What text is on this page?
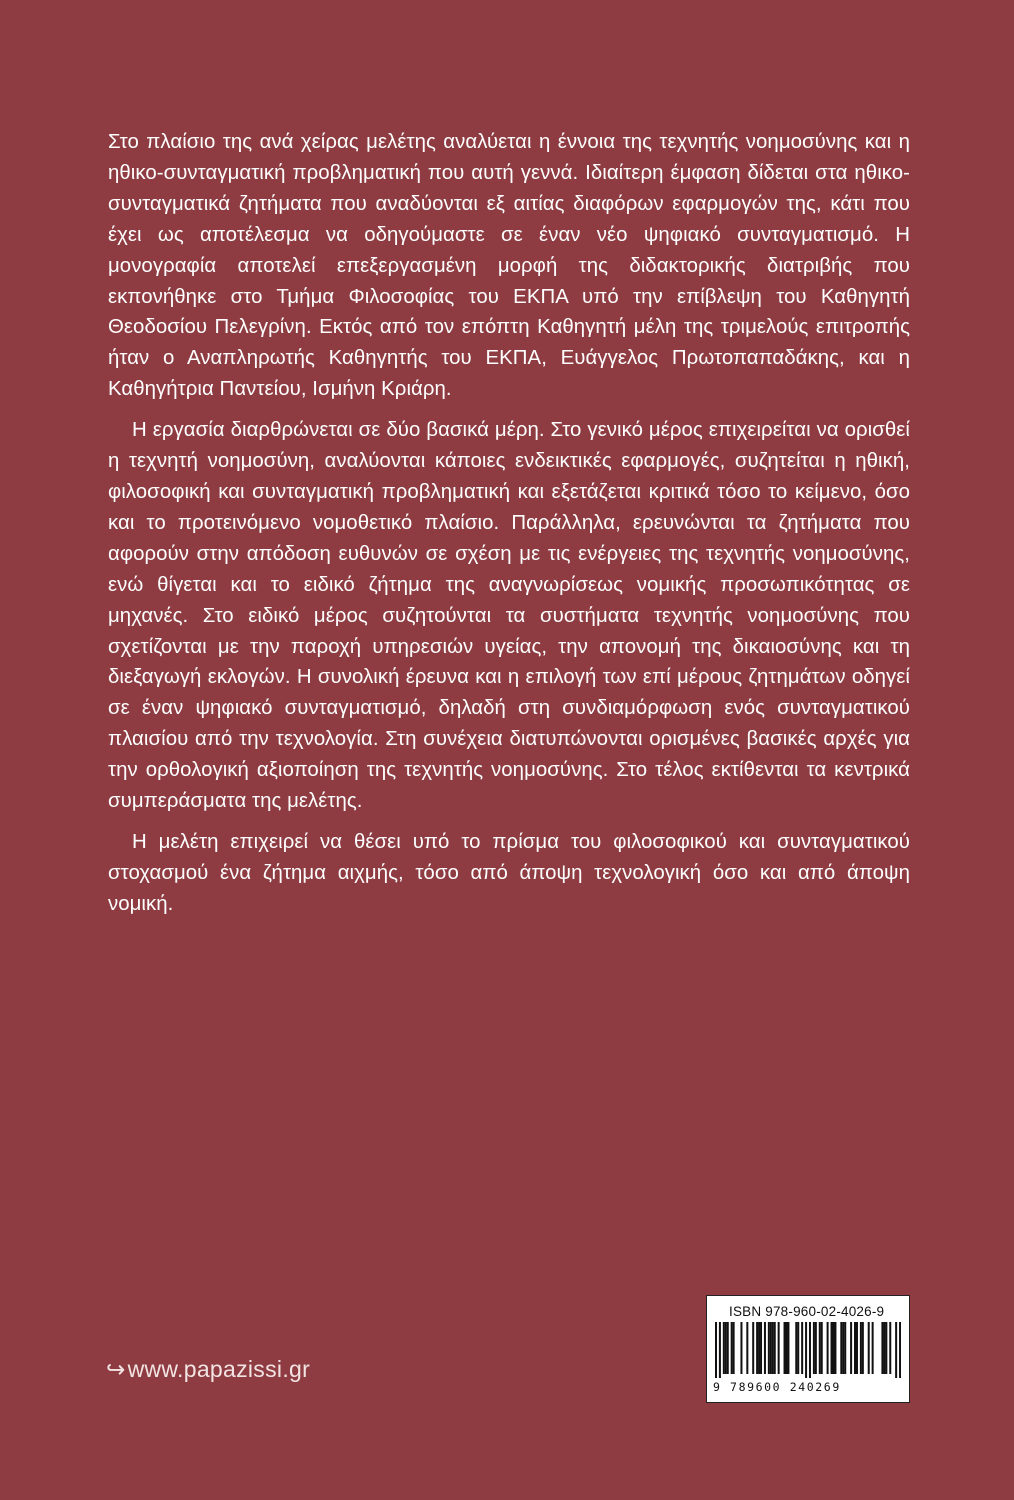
Στο πλαίσιο της ανά χείρας μελέτης αναλύεται η έννοια της τεχνητής νοημοσύνης και η ηθικο-συνταγματική προβληματική που αυτή γεννά. Ιδιαίτερη έμφαση δίδεται στα ηθικο-συνταγματικά ζητήματα που αναδύονται εξ αιτίας διαφόρων εφαρμογών της, κάτι που έχει ως αποτέλεσμα να οδηγούμαστε σε έναν νέο ψηφιακό συνταγματισμό. Η μονογραφία αποτελεί επεξεργασμένη μορφή της διδακτορικής διατριβής που εκπονήθηκε στο Τμήμα Φιλοσοφίας του ΕΚΠΑ υπό την επίβλεψη του Καθηγητή Θεοδοσίου Πελεγρίνη. Εκτός από τον επόπτη Καθηγητή μέλη της τριμελούς επιτροπής ήταν ο Αναπληρωτής Καθηγητής του ΕΚΠΑ, Ευάγγελος Πρωτοπαπαδάκης, και η Καθηγήτρια Παντείου, Ισμήνη Κριάρη.

Η εργασία διαρθρώνεται σε δύο βασικά μέρη. Στο γενικό μέρος επιχειρείται να ορισθεί η τεχνητή νοημοσύνη, αναλύονται κάποιες ενδεικτικές εφαρμογές, συζητείται η ηθική, φιλοσοφική και συνταγματική προβληματική και εξετάζεται κριτικά τόσο το κείμενο, όσο και το προτεινόμενο νομοθετικό πλαίσιο. Παράλληλα, ερευνώνται τα ζητήματα που αφορούν στην απόδοση ευθυνών σε σχέση με τις ενέργειες της τεχνητής νοημοσύνης, ενώ θίγεται και το ειδικό ζήτημα της αναγνωρίσεως νομικής προσωπικότητας σε μηχανές. Στο ειδικό μέρος συζητούνται τα συστήματα τεχνητής νοημοσύνης που σχετίζονται με την παροχή υπηρεσιών υγείας, την απονομή της δικαιοσύνης και τη διεξαγωγή εκλογών. Η συνολική έρευνα και η επιλογή των επί μέρους ζητημάτων οδηγεί σε έναν ψηφιακό συνταγματισμό, δηλαδή στη συνδιαμόρφωση ενός συνταγματικού πλαισίου από την τεχνολογία. Στη συνέχεια διατυπώνονται ορισμένες βασικές αρχές για την ορθολογική αξιοποίηση της τεχνητής νοημοσύνης. Στο τέλος εκτίθενται τα κεντρικά συμπεράσματα της μελέτης.

Η μελέτη επιχειρεί να θέσει υπό το πρίσμα του φιλοσοφικού και συνταγματικού στοχασμού ένα ζήτημα αιχμής, τόσο από άποψη τεχνολογική όσο και από άποψη νομική.

↪www.papazissi.gr
ISBN 978-960-02-4026-9
9 789600 240269
